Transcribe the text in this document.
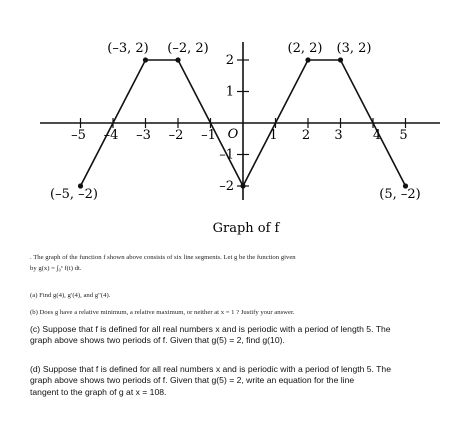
–5 –4 –3 –2 –1 O 1 2 3 4 5
–2
–1
1
2
(–5, –2)
(–3, 2) (–2, 2)	(2, 2) (3, 2)
(5, –2)
Graph of f
. The graph of the function f shown above consists of six line segments. Let g be the function given
by g(x) = ∫₀ˣ f(t) dt.
(a) Find g(4), g′(4), and g″(4).
(b) Does g have a relative minimum, a relative maximum, or neither at x = 1 ? Justify your answer.
(c) Suppose that f is defined for all real numbers x and is periodic with a period of length 5. The
graph above shows two periods of f. Given that g(5) = 2, find g(10).
(d) Suppose that f is defined for all real numbers x and is periodic with a period of length 5. The
graph above shows two periods of f. Given that g(5) = 2, write an equation for the line
tangent to the graph of g at x = 108.
